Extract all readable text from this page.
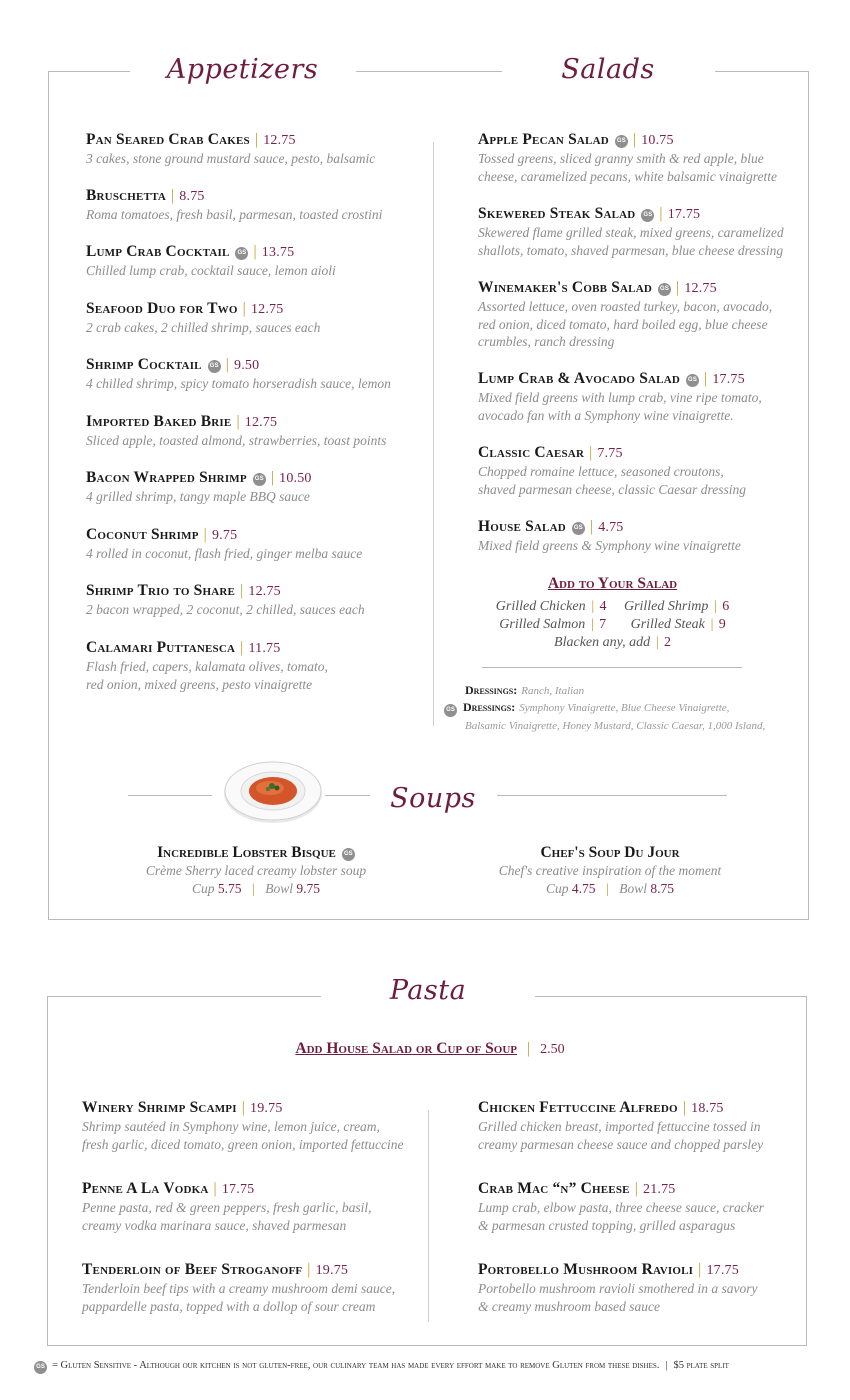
Appetizers	Salads
Pan Seared Crab Cakes | 12.75
3 cakes, stone ground mustard sauce, pesto, balsamic
Bruschetta | 8.75
Roma tomatoes, fresh basil, parmesan, toasted crostini
Lump Crab Cocktail GS | 13.75
Chilled lump crab, cocktail sauce, lemon aioli
Seafood Duo for Two | 12.75
2 crab cakes, 2 chilled shrimp, sauces each
Shrimp Cocktail GS | 9.50
4 chilled shrimp, spicy tomato horseradish sauce, lemon
Imported Baked Brie | 12.75
Sliced apple, toasted almond, strawberries, toast points
Bacon Wrapped Shrimp GS | 10.50
4 grilled shrimp, tangy maple BBQ sauce
Coconut Shrimp | 9.75
4 rolled in coconut, flash fried, ginger melba sauce
Shrimp Trio to Share | 12.75
2 bacon wrapped, 2 coconut, 2 chilled, sauces each
Calamari Puttanesca | 11.75
Flash fried, capers, kalamata olives, tomato,
red onion, mixed greens, pesto vinaigrette
Apple Pecan Salad GS | 10.75
Tossed greens, sliced granny smith & red apple, blue
cheese, caramelized pecans, white balsamic vinaigrette
Skewered Steak Salad GS | 17.75
Skewered flame grilled steak, mixed greens, caramelized
shallots, tomato, shaved parmesan, blue cheese dressing
Winemaker's Cobb Salad GS | 12.75
Assorted lettuce, oven roasted turkey, bacon, avocado,
red onion, diced tomato, hard boiled egg, blue cheese
crumbles, ranch dressing
Lump Crab & Avocado Salad GS | 17.75
Mixed field greens with lump crab, vine ripe tomato,
avocado fan with a Symphony wine vinaigrette.
Classic Caesar | 7.75
Chopped romaine lettuce, seasoned croutons,
shaved parmesan cheese, classic Caesar dressing
House Salad GS | 4.75
Mixed field greens & Symphony wine vinaigrette
Add to Your Salad
Grilled Chicken | 4 Grilled Shrimp | 6
Grilled Salmon | 7 Grilled Steak | 9
Blacken any, add | 2
Dressings: Ranch, Italian
GS Dressings: Symphony Vinaigrette, Blue Cheese Vinaigrette,
Balsamic Vinaigrette, Honey Mustard, Classic Caesar, 1,000 Island,
Soups
Incredible Lobster Bisque GS
Crème Sherry laced creamy lobster soup
Cup 5.75 | Bowl 9.75
Chef's Soup Du Jour
Chef's creative inspiration of the moment
Cup 4.75 | Bowl 8.75
Pasta
Add House Salad or Cup of Soup | 2.50
Winery Shrimp Scampi | 19.75
Shrimp sautéed in Symphony wine, lemon juice, cream,
fresh garlic, diced tomato, green onion, imported fettuccine
Penne A La Vodka | 17.75
Penne pasta, red & green peppers, fresh garlic, basil,
creamy vodka marinara sauce, shaved parmesan
Tenderloin of Beef Stroganoff | 19.75
Tenderloin beef tips with a creamy mushroom demi sauce,
pappardelle pasta, topped with a dollop of sour cream
Chicken Fettuccine Alfredo | 18.75
Grilled chicken breast, imported fettuccine tossed in
creamy parmesan cheese sauce and chopped parsley
Crab Mac “n” Cheese | 21.75
Lump crab, elbow pasta, three cheese sauce, cracker
& parmesan crusted topping, grilled asparagus
Portobello Mushroom Ravioli | 17.75
Portobello mushroom ravioli smothered in a savory
& creamy mushroom based sauce
GS = Gluten Sensitive - Although our kitchen is not gluten-free, our culinary team has made every effort make to remove Gluten from these dishes. | $5 plate split
